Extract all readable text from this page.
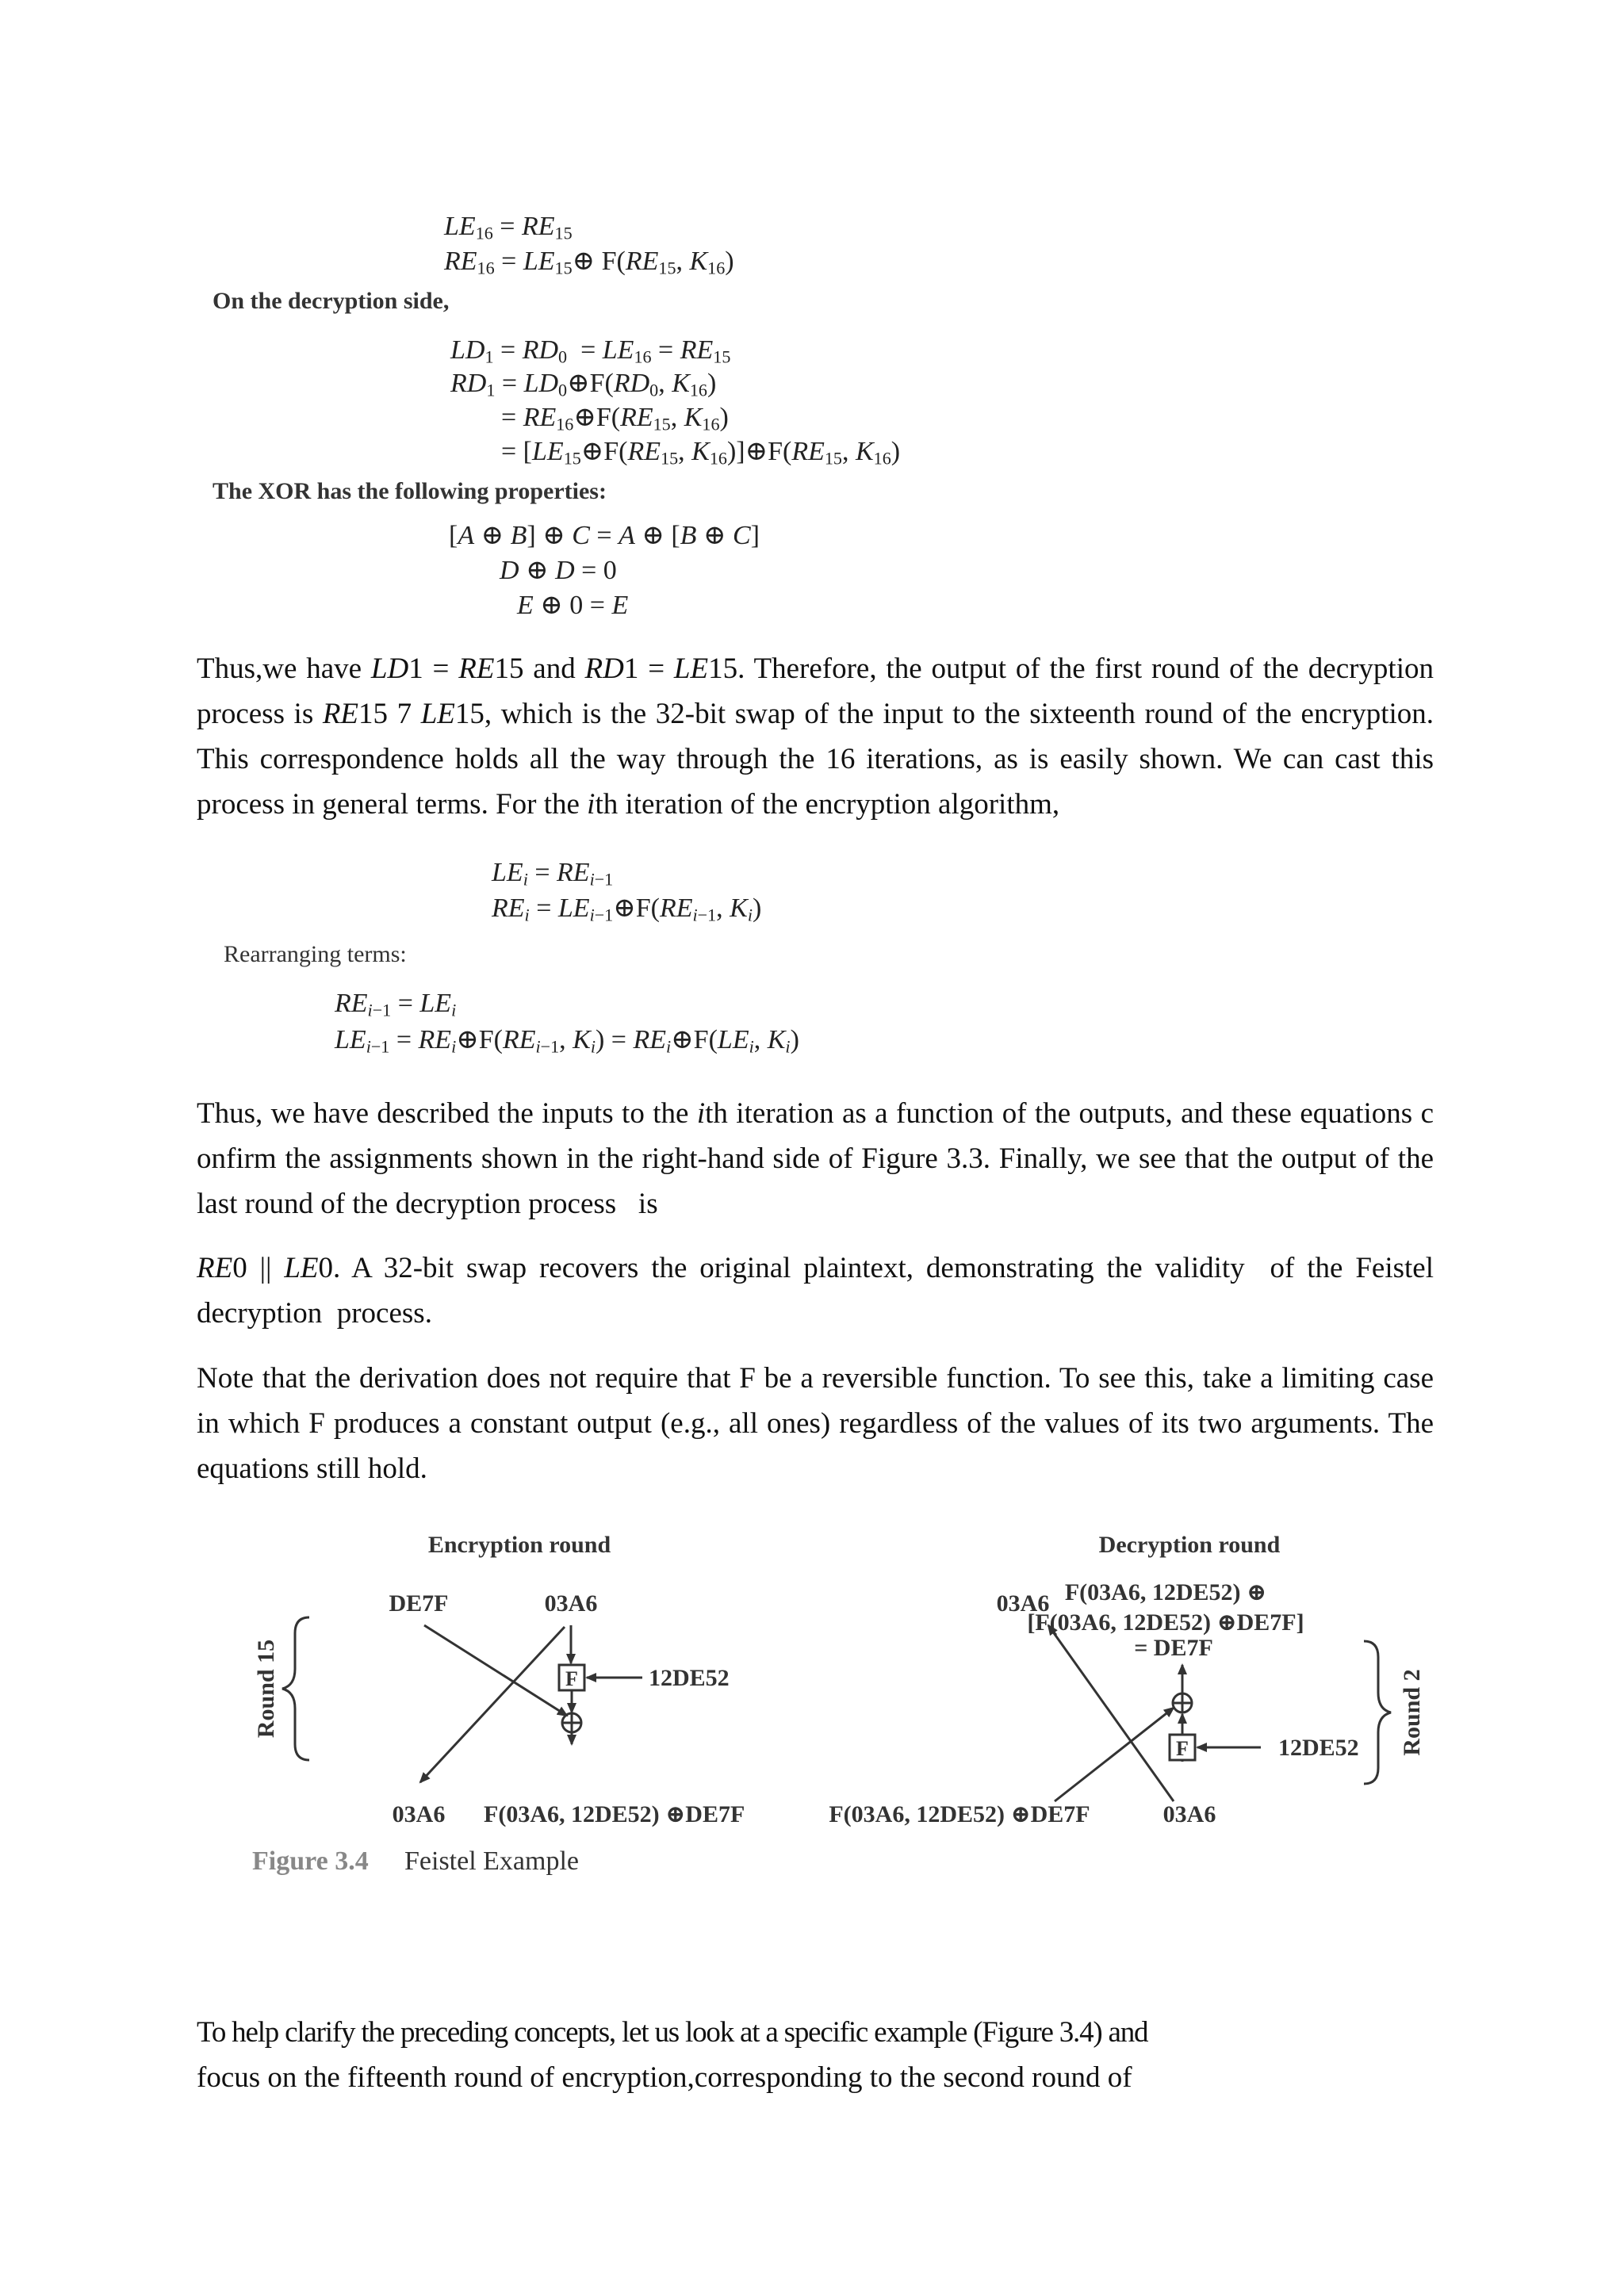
$LE_{16} = RE_{15}$
$RE_{16}$ = $LE_{15}\oplus$ $F(RE_{15}$, $K_{16}$)
On the decryption side,
$LD_1 = RD_0 = LE_{16} = RE_{15}$
$RD_1$ = $LD_0\oplus F(RD_0$, $K_{16}$)
= $RE_{16}\oplus F(RE_{15}$, $K_{16}$)
= [$LE_{15}\oplus F(RE_{15}$, $K_{16})]\oplus F(RE_{15}$, $K_{16}$)
The XOR has the following properties:
[A ⊕ B] ⊕ C = A ⊕ [B ⊕ C]
D ⊕ D = 0
E ⊕ 0 = E
Thus,we have LD1 = RE15 and RD1 = LE15. Therefore, the output of the first round of the decryption process is RE15 7 LE15, which is the 32-bit swap of the input to the sixteenth round of the encryption. This correspondence holds all the way through the 16 iterations, as is easily shown. We can cast this process in general terms. For the ith iteration of the encryption algorithm,
$LE_i = RE_{i-1}$
$RE_i$ = $LE_{i-1}\oplus F(RE_{i-1}$, $K_i$)
Rearranging terms:
$RE_{i-1} = LE_i$
$LE_{i-1}$ = $RE_i\oplus F(RE_{i-1}$, $K_i$) = $RE_i\oplus F(LE_i$, $K_i$)
Thus, we have described the inputs to the ith iteration as a function of the outputs, and these equations c onfirm the assignments shown in the right-hand side of Figure 3.3. Finally, we see that the output of the last round of the decryption process   is
RE0 || LE0. A 32-bit swap recovers the original plaintext, demonstrating the validity  of the Feistel decryption  process.
Note that the derivation does not require that F be a reversible function. To see this, take a limiting case in which F produces a constant output (e.g., all ones) regardless of the values of its two arguments. The equations still hold.
Encryption round	Decryption round
Round 15
DE7F	03A6
F	12DE52
03A6 F(03A6, 12DE52) ⊕DE7F
F(03A6, 12DE52) ⊕
[F(03A6, 12DE52) ⊕DE7F]
= DE7F
03A6
F	12DE52
F(03A6, 12DE52) ⊕DE7F	03A6
Round 2
Figure 3.4 Feistel Example
To help clarify the preceding concepts, let us look at a specific example (Figure 3.4) and
focus on the fifteenth round of encryption,corresponding to the second round of
